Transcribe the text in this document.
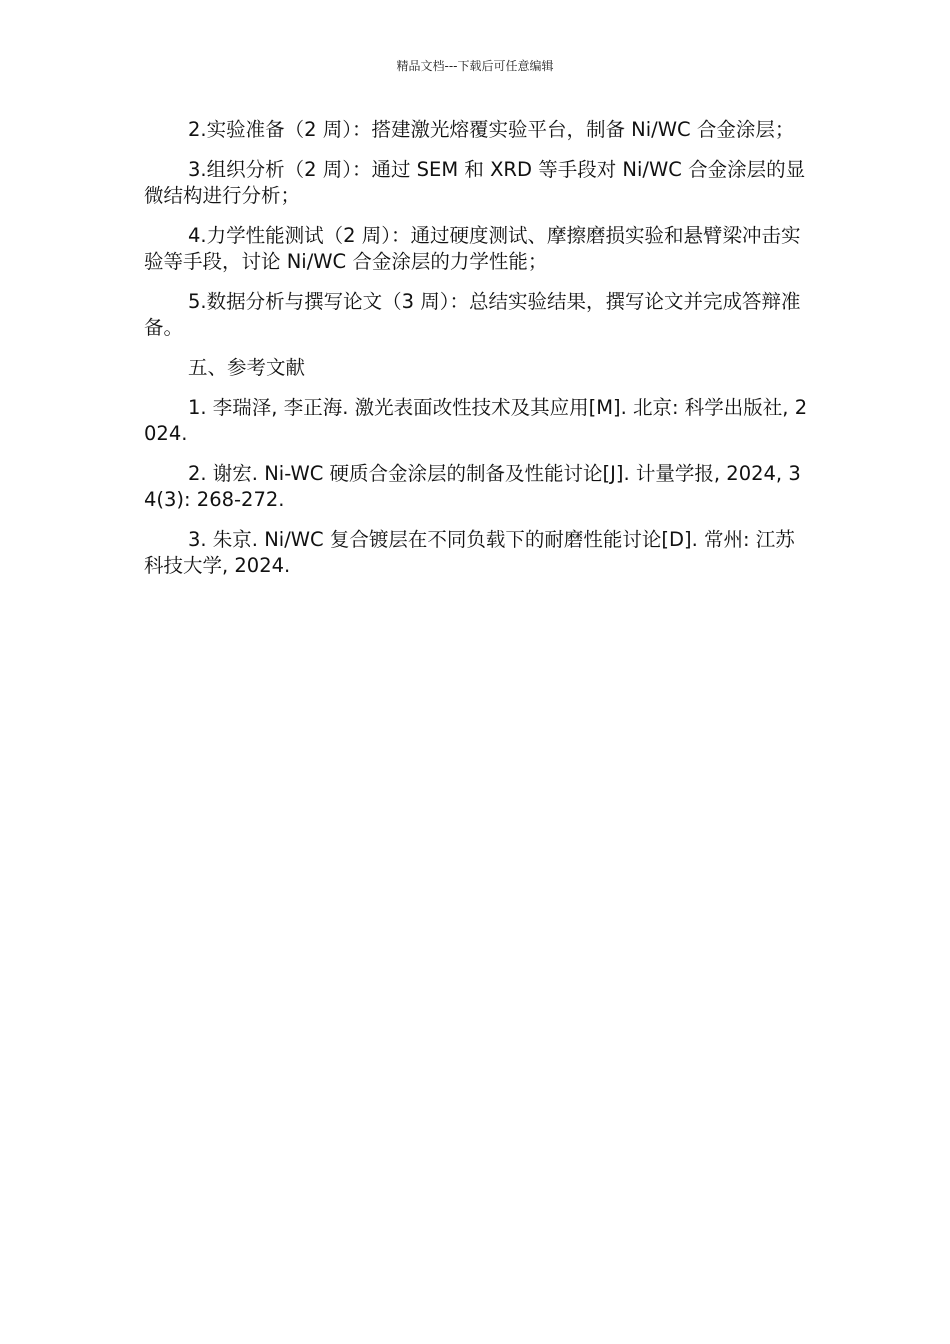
精品文档---下载后可任意编辑

2.实验准备（2 周）：搭建激光熔覆实验平台，制备 Ni/WC 合金涂层；

3.组织分析（2 周）：通过 SEM 和 XRD 等手段对 Ni/WC 合金涂层的显微结构进行分析；

4.力学性能测试（2 周）：通过硬度测试、摩擦磨损实验和悬臂梁冲击实验等手段，讨论 Ni/WC 合金涂层的力学性能；

5.数据分析与撰写论文（3 周）：总结实验结果，撰写论文并完成答辩准备。

五、参考文献

1. 李瑞泽, 李正海. 激光表面改性技术及其应用[M]. 北京: 科学出版社, 2024.

2. 谢宏. Ni-WC 硬质合金涂层的制备及性能讨论[J]. 计量学报, 2024, 34(3): 268-272.

3. 朱京. Ni/WC 复合镀层在不同负载下的耐磨性能讨论[D]. 常州: 江苏科技大学, 2024.
